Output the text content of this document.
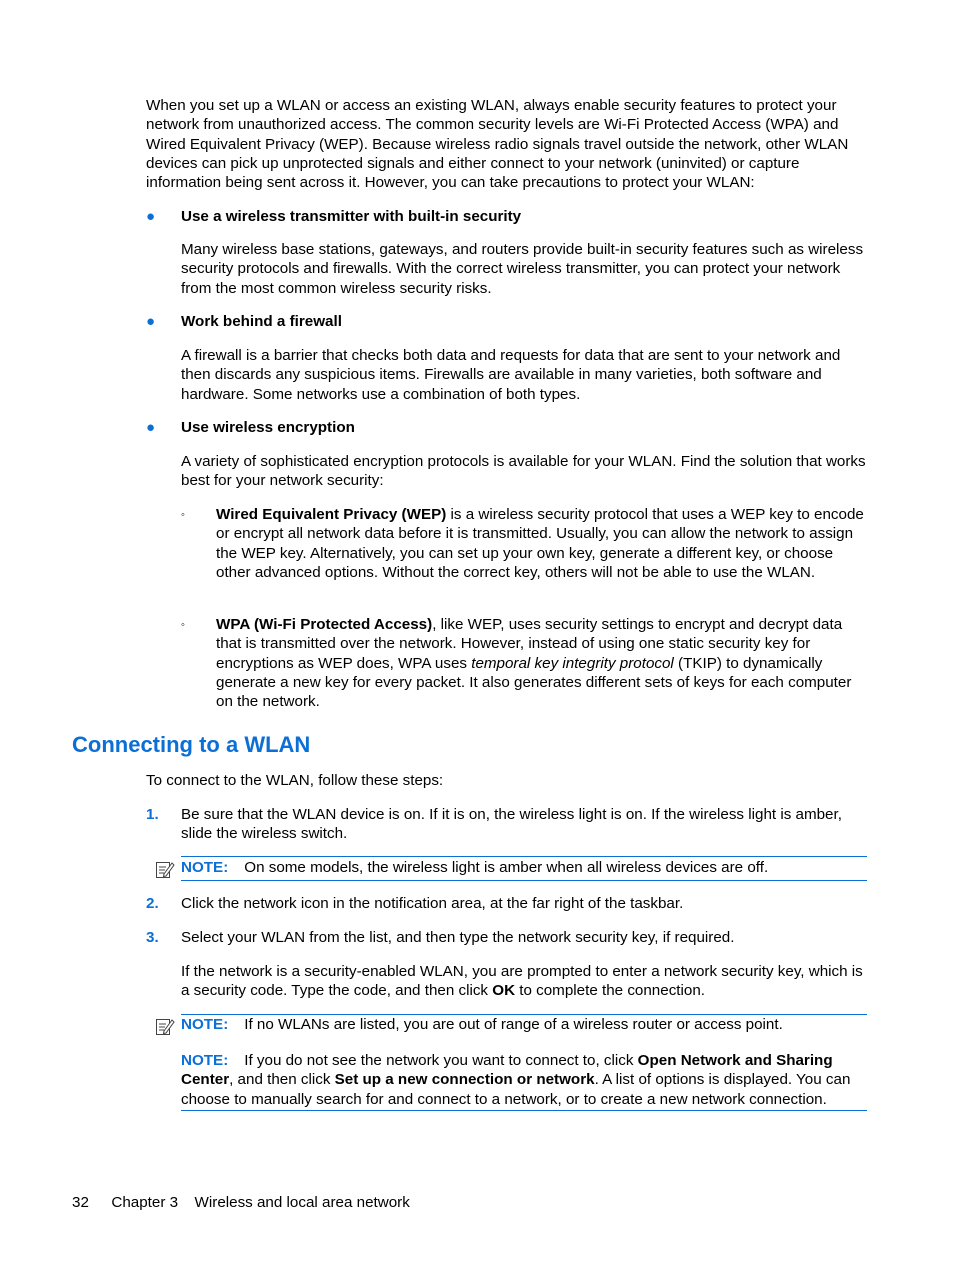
When you set up a WLAN or access an existing WLAN, always enable security features to protect your network from unauthorized access. The common security levels are Wi-Fi Protected Access (WPA) and Wired Equivalent Privacy (WEP). Because wireless radio signals travel outside the network, other WLAN devices can pick up unprotected signals and either connect to your network (uninvited) or capture information being sent across it. However, you can take precautions to protect your WLAN:

● Use a wireless transmitter with built-in security

Many wireless base stations, gateways, and routers provide built-in security features such as wireless security protocols and firewalls. With the correct wireless transmitter, you can protect your network from the most common wireless security risks.

● Work behind a firewall

A firewall is a barrier that checks both data and requests for data that are sent to your network and then discards any suspicious items. Firewalls are available in many varieties, both software and hardware. Some networks use a combination of both types.

● Use wireless encryption

A variety of sophisticated encryption protocols is available for your WLAN. Find the solution that works best for your network security:

◦ Wired Equivalent Privacy (WEP) is a wireless security protocol that uses a WEP key to encode or encrypt all network data before it is transmitted. Usually, you can allow the network to assign the WEP key. Alternatively, you can set up your own key, generate a different key, or choose other advanced options. Without the correct key, others will not be able to use the WLAN.

◦ WPA (Wi-Fi Protected Access), like WEP, uses security settings to encrypt and decrypt data that is transmitted over the network. However, instead of using one static security key for encryptions as WEP does, WPA uses temporal key integrity protocol (TKIP) to dynamically generate a new key for every packet. It also generates different sets of keys for each computer on the network.

Connecting to a WLAN

To connect to the WLAN, follow these steps:

1. Be sure that the WLAN device is on. If it is on, the wireless light is on. If the wireless light is amber, slide the wireless switch.

NOTE: On some models, the wireless light is amber when all wireless devices are off.

2. Click the network icon in the notification area, at the far right of the taskbar.

3. Select your WLAN from the list, and then type the network security key, if required.

If the network is a security-enabled WLAN, you are prompted to enter a network security key, which is a security code. Type the code, and then click OK to complete the connection.

NOTE: If no WLANs are listed, you are out of range of a wireless router or access point.

NOTE: If you do not see the network you want to connect to, click Open Network and Sharing Center, and then click Set up a new connection or network. A list of options is displayed. You can choose to manually search for and connect to a network, or to create a new network connection.

32 Chapter 3 Wireless and local area network
